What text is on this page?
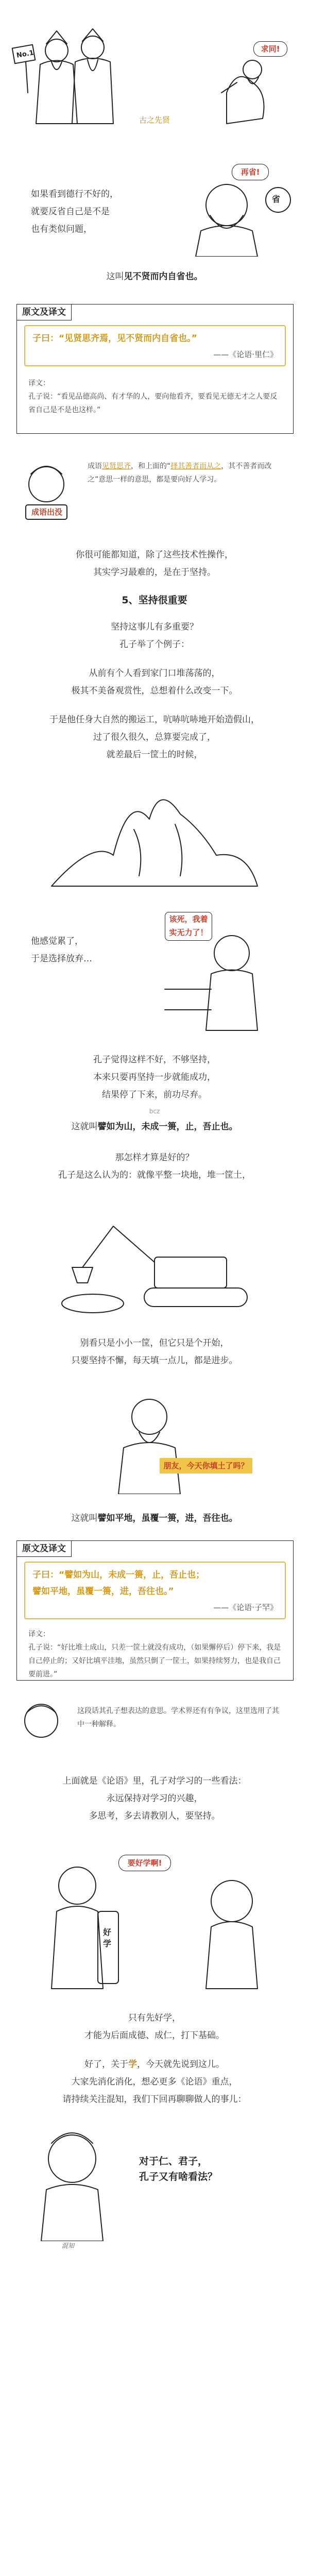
求同!
No.1
古之先贤
再省!
省
如果看到德行不好的，
就要反省自己是不是
也有类似问题，
这叫见不贤而内自省也。
原文及译文
子曰：“见贤思齐焉，见不贤而内自省也。”
——《论语·里仁》
译文：
孔子说：“看见品德高尚、有才华的人，要向他看齐，要看见无德无才之人要反省自己是不是也这样。”
成语出没
成语见贤思齐，和上面的“择其善者而从之，其不善者而改之”意思一样的意思，都是要向好人学习。
你很可能都知道，除了这些技术性操作，
其实学习最难的，是在于坚持。
5、坚持很重要
坚持这事儿有多重要？
孔子举了个例子：
从前有个人看到家门口堆荡荡的，
极其不美备观赏性，总想着什么改变一下。
于是他任身大自然的搬运工，吭哧吭哧地开始造假山，
过了很久很久，总算要完成了，
就差最后一筐土的时候，
该死，我着
实无力了！
他感觉累了，
于是选择放弃…
孔子觉得这样不好，不够坚持，
本来只要再坚持一步就能成功，
结果停了下来，前功尽弃。
bcz
这就叫譬如为山，未成一篑，止，吾止也。
那怎样才算是好的？
孔子是这么认为的：就像平整一块地，堆一筐土，
别看只是小小一筐，但它只是个开始，
只要坚持不懈，每天填一点儿，都是进步。
朋友，今天你填土了吗？
这就叫譬如平地，虽覆一篑，进，吾往也。
原文及译文
子曰：“譬如为山，未成一篑，止，吾止也；
譬如平地，虽覆一篑，进，吾往也。”
——《论语·子罕》
译文：
孔子说：“好比堆土成山，只差一筐土就没有成功，（如果懈停后）停下来，我是自己停止的；又好比填平洼地，虽然只倒了一筐土，如果持续努力，也是我自己要前进。”
这段话其孔子想表达的意思。学术界还有有争议，这里选用了其中一种解释。
上面就是《论语》里，孔子对学习的一些看法：
永远保持对学习的兴趣，
多思考，多去请教别人，要坚持。
要好学啊!
好学
只有先好学，
才能为后面成德、成仁，打下基础。
好了，关于学，今天就先说到这儿。
大家先消化消化，想必更多《论语》重点，
请持续关注混知，我们下回再聊聊做人的事儿：
对于仁、君子，
孔子又有啥看法？
混知
